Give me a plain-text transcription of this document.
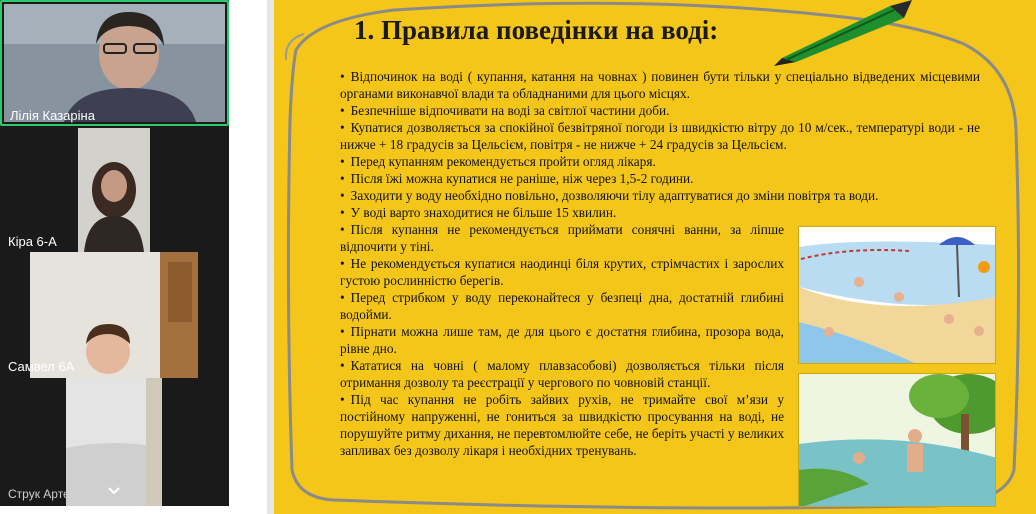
Лілія Казаріна
Кіра 6-А
Самвел 6А
Струк Артем
1. Правила поведінки на воді:
• Відпочинок на воді ( купання, катання на човнах ) повинен бути тільки у спеціально відведених місцевими органами виконавчої влади та обладнаними для цього місцях.
• Безпечніше відпочивати на воді за світлої частини доби.
• Купатися дозволяється за спокійної безвітряної погоди із швидкістю вітру до 10 м/сек., температурі води - не нижче + 18 градусів за Цельсієм, повітря - не нижче + 24 градусів за Цельсієм.
• Перед купанням рекомендується пройти огляд лікаря.
• Після їжі можна купатися не раніше, ніж через 1,5-2 години.
• Заходити у воду необхідно повільно, дозволяючи тілу адаптуватися до зміни повітря та води.
• У воді варто знаходитися не більше 15 хвилин.
• Після купання не рекомендується приймати сонячні ванни, за ліпше відпочити у тіні.
• Не рекомендується купатися наодинці біля крутих, стрімчастих і зарослих густою рослинністю берегів.
• Перед стрибком у воду переконайтеся у безпеці дна, достатній глибині водойми.
• Пірнати можна лише там, де для цього є достатня глибина, прозора вода, рівне дно.
• Кататися на човні ( малому плавзасобові) дозволяється тільки після отримання дозволу та реєстрації у чергового по човновій станції.
• Під час купання не робіть зайвих рухів, не тримайте свої м’язи у постійному напруженні, не гониться за швидкістю просування на воді, не порушуйте ритму дихання, не перевтомлюйте себе, не беріть участі у великих запливах без дозволу лікаря і необхідних тренувань.
